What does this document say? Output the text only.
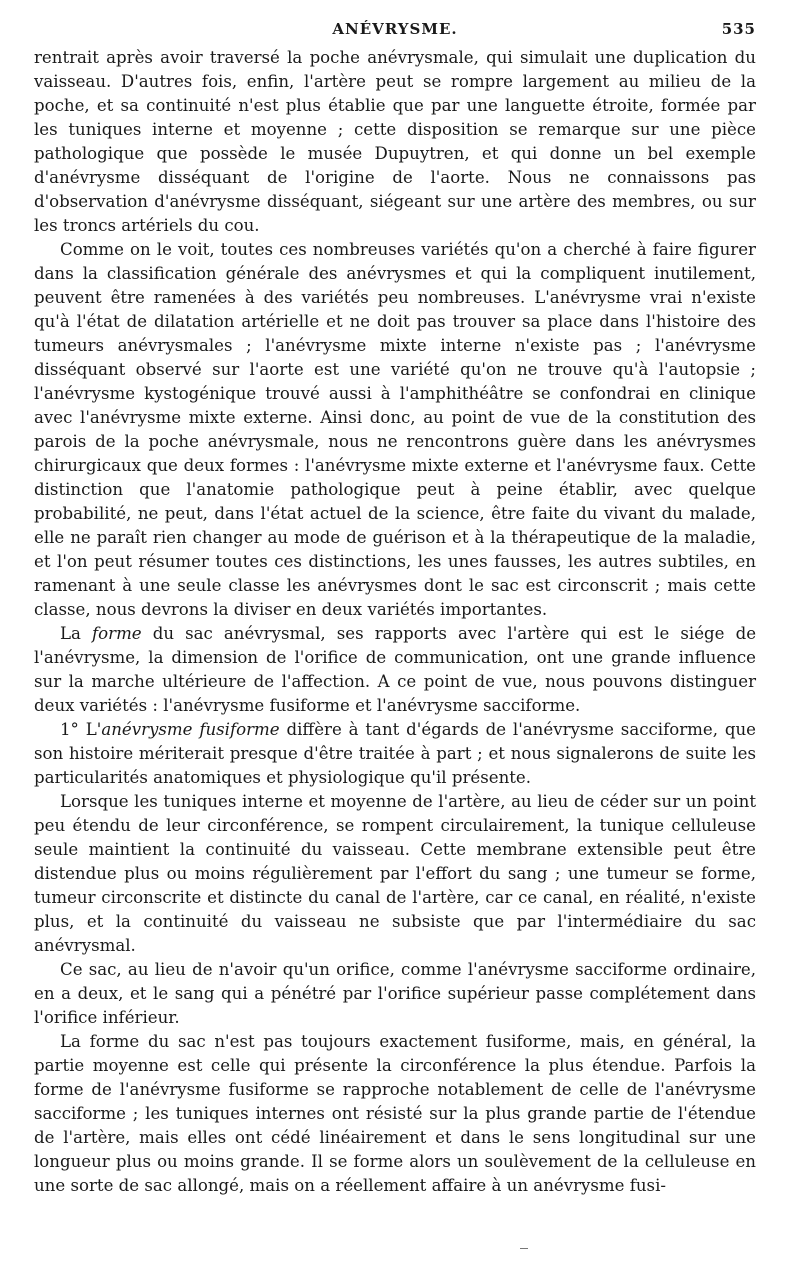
ANÉVRYSME.	535

rentrait après avoir traversé la poche anévrysmale, qui simulait une duplication du vaisseau. D'autres fois, enfin, l'artère peut se rompre largement au milieu de la poche, et sa continuité n'est plus établie que par une languette étroite, formée par les tuniques interne et moyenne ; cette disposition se remarque sur une pièce pathologique que possède le musée Dupuytren, et qui donne un bel exemple d'anévrysme disséquant de l'origine de l'aorte. Nous ne connaissons pas d'observation d'anévrysme disséquant, siégeant sur une artère des membres, ou sur les troncs artériels du cou.

Comme on le voit, toutes ces nombreuses variétés qu'on a cherché à faire figurer dans la classification générale des anévrysmes et qui la compliquent inutilement, peuvent être ramenées à des variétés peu nombreuses. L'anévrysme vrai n'existe qu'à l'état de dilatation artérielle et ne doit pas trouver sa place dans l'histoire des tumeurs anévrysmales ; l'anévrysme mixte interne n'existe pas ; l'anévrysme disséquant observé sur l'aorte est une variété qu'on ne trouve qu'à l'autopsie ; l'anévrysme kystogénique trouvé aussi à l'amphithéâtre se confondrai en clinique avec l'anévrysme mixte externe. Ainsi donc, au point de vue de la constitution des parois de la poche anévrysmale, nous ne rencontrons guère dans les anévrysmes chirurgicaux que deux formes : l'anévrysme mixte externe et l'anévrysme faux. Cette distinction que l'anatomie pathologique peut à peine établir, avec quelque probabilité, ne peut, dans l'état actuel de la science, être faite du vivant du malade, elle ne paraît rien changer au mode de guérison et à la thérapeutique de la maladie, et l'on peut résumer toutes ces distinctions, les unes fausses, les autres subtiles, en ramenant à une seule classe les anévrysmes dont le sac est circonscrit ; mais cette classe, nous devrons la diviser en deux variétés importantes.

La forme du sac anévrysmal, ses rapports avec l'artère qui est le siége de l'anévrysme, la dimension de l'orifice de communication, ont une grande influence sur la marche ultérieure de l'affection. A ce point de vue, nous pouvons distinguer deux variétés : l'anévrysme fusiforme et l'anévrysme sacciforme.

1° L'anévrysme fusiforme diffère à tant d'égards de l'anévrysme sacciforme, que son histoire mériterait presque d'être traitée à part ; et nous signalerons de suite les particularités anatomiques et physiologique qu'il présente.

Lorsque les tuniques interne et moyenne de l'artère, au lieu de céder sur un point peu étendu de leur circonférence, se rompent circulairement, la tunique celluleuse seule maintient la continuité du vaisseau. Cette membrane extensible peut être distendue plus ou moins régulièrement par l'effort du sang ; une tumeur se forme, tumeur circonscrite et distincte du canal de l'artère, car ce canal, en réalité, n'existe plus, et la continuité du vaisseau ne subsiste que par l'intermédiaire du sac anévrysmal.

Ce sac, au lieu de n'avoir qu'un orifice, comme l'anévrysme sacciforme ordinaire, en a deux, et le sang qui a pénétré par l'orifice supérieur passe complétement dans l'orifice inférieur.

La forme du sac n'est pas toujours exactement fusiforme, mais, en général, la partie moyenne est celle qui présente la circonférence la plus étendue. Parfois la forme de l'anévrysme fusiforme se rapproche notablement de celle de l'anévrysme sacciforme ; les tuniques internes ont résisté sur la plus grande partie de l'étendue de l'artère, mais elles ont cédé linéairement et dans le sens longitudinal sur une longueur plus ou moins grande. Il se forme alors un soulèvement de la celluleuse en une sorte de sac allongé, mais on a réellement affaire à un anévrysme fusi-
